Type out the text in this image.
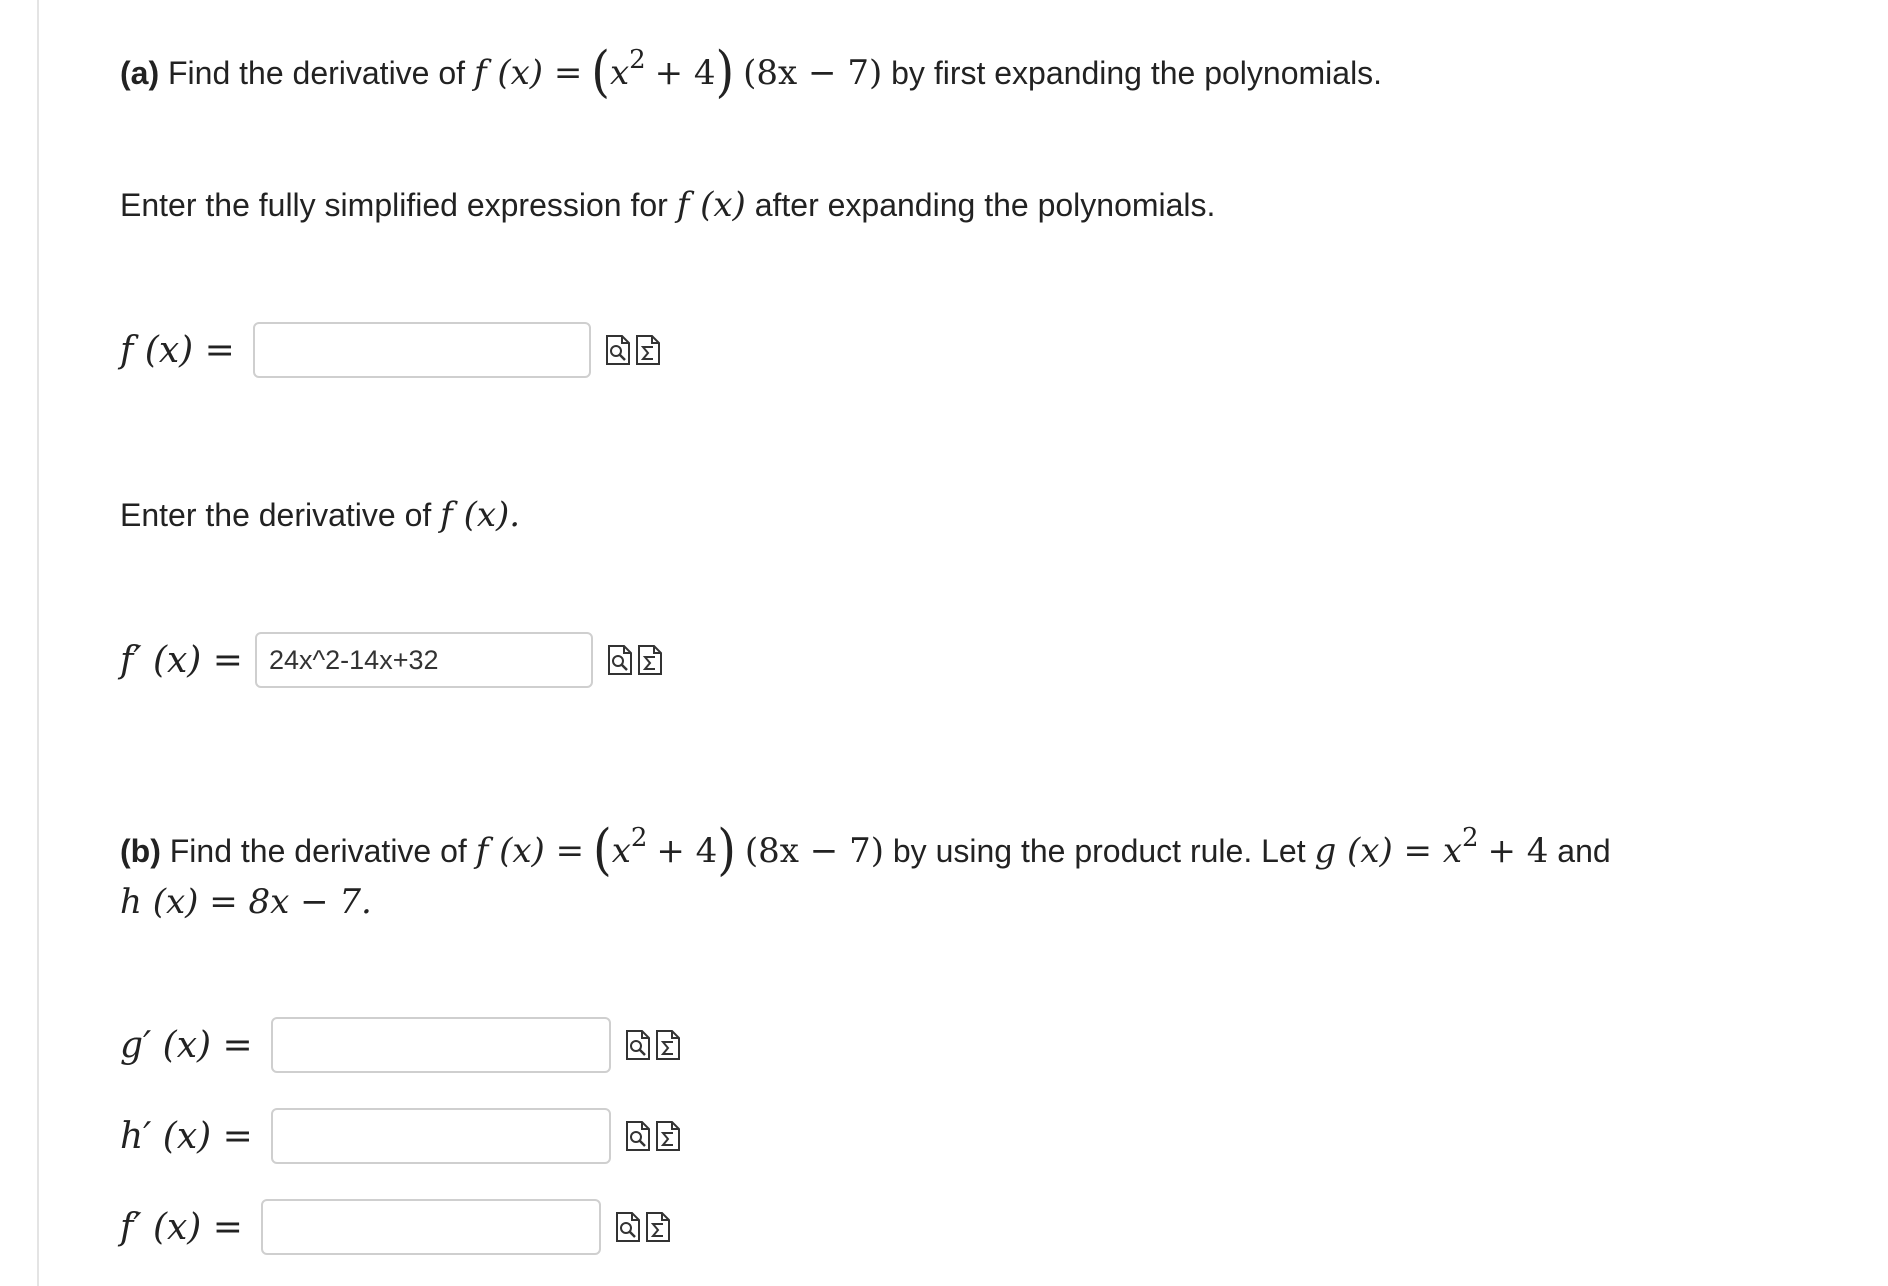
(a) Find the derivative of f $(x) = (x^2 + 4) (8x - 7)$ by first expanding the polynomials.
Enter the fully simplified expression for f (x) after expanding the polynomials.
f (x) =
Enter the derivative of f (x).
f′ (x) =
24x^2-14x+32
(b) Find the derivative of f $(x) = (x^2 + 4) (8x - 7)$ by using the product rule. Let g $(x) = x^2 + 4$ and
h (x) = 8x − 7.
g′ (x) =
h′ (x) =
f′ (x) =
